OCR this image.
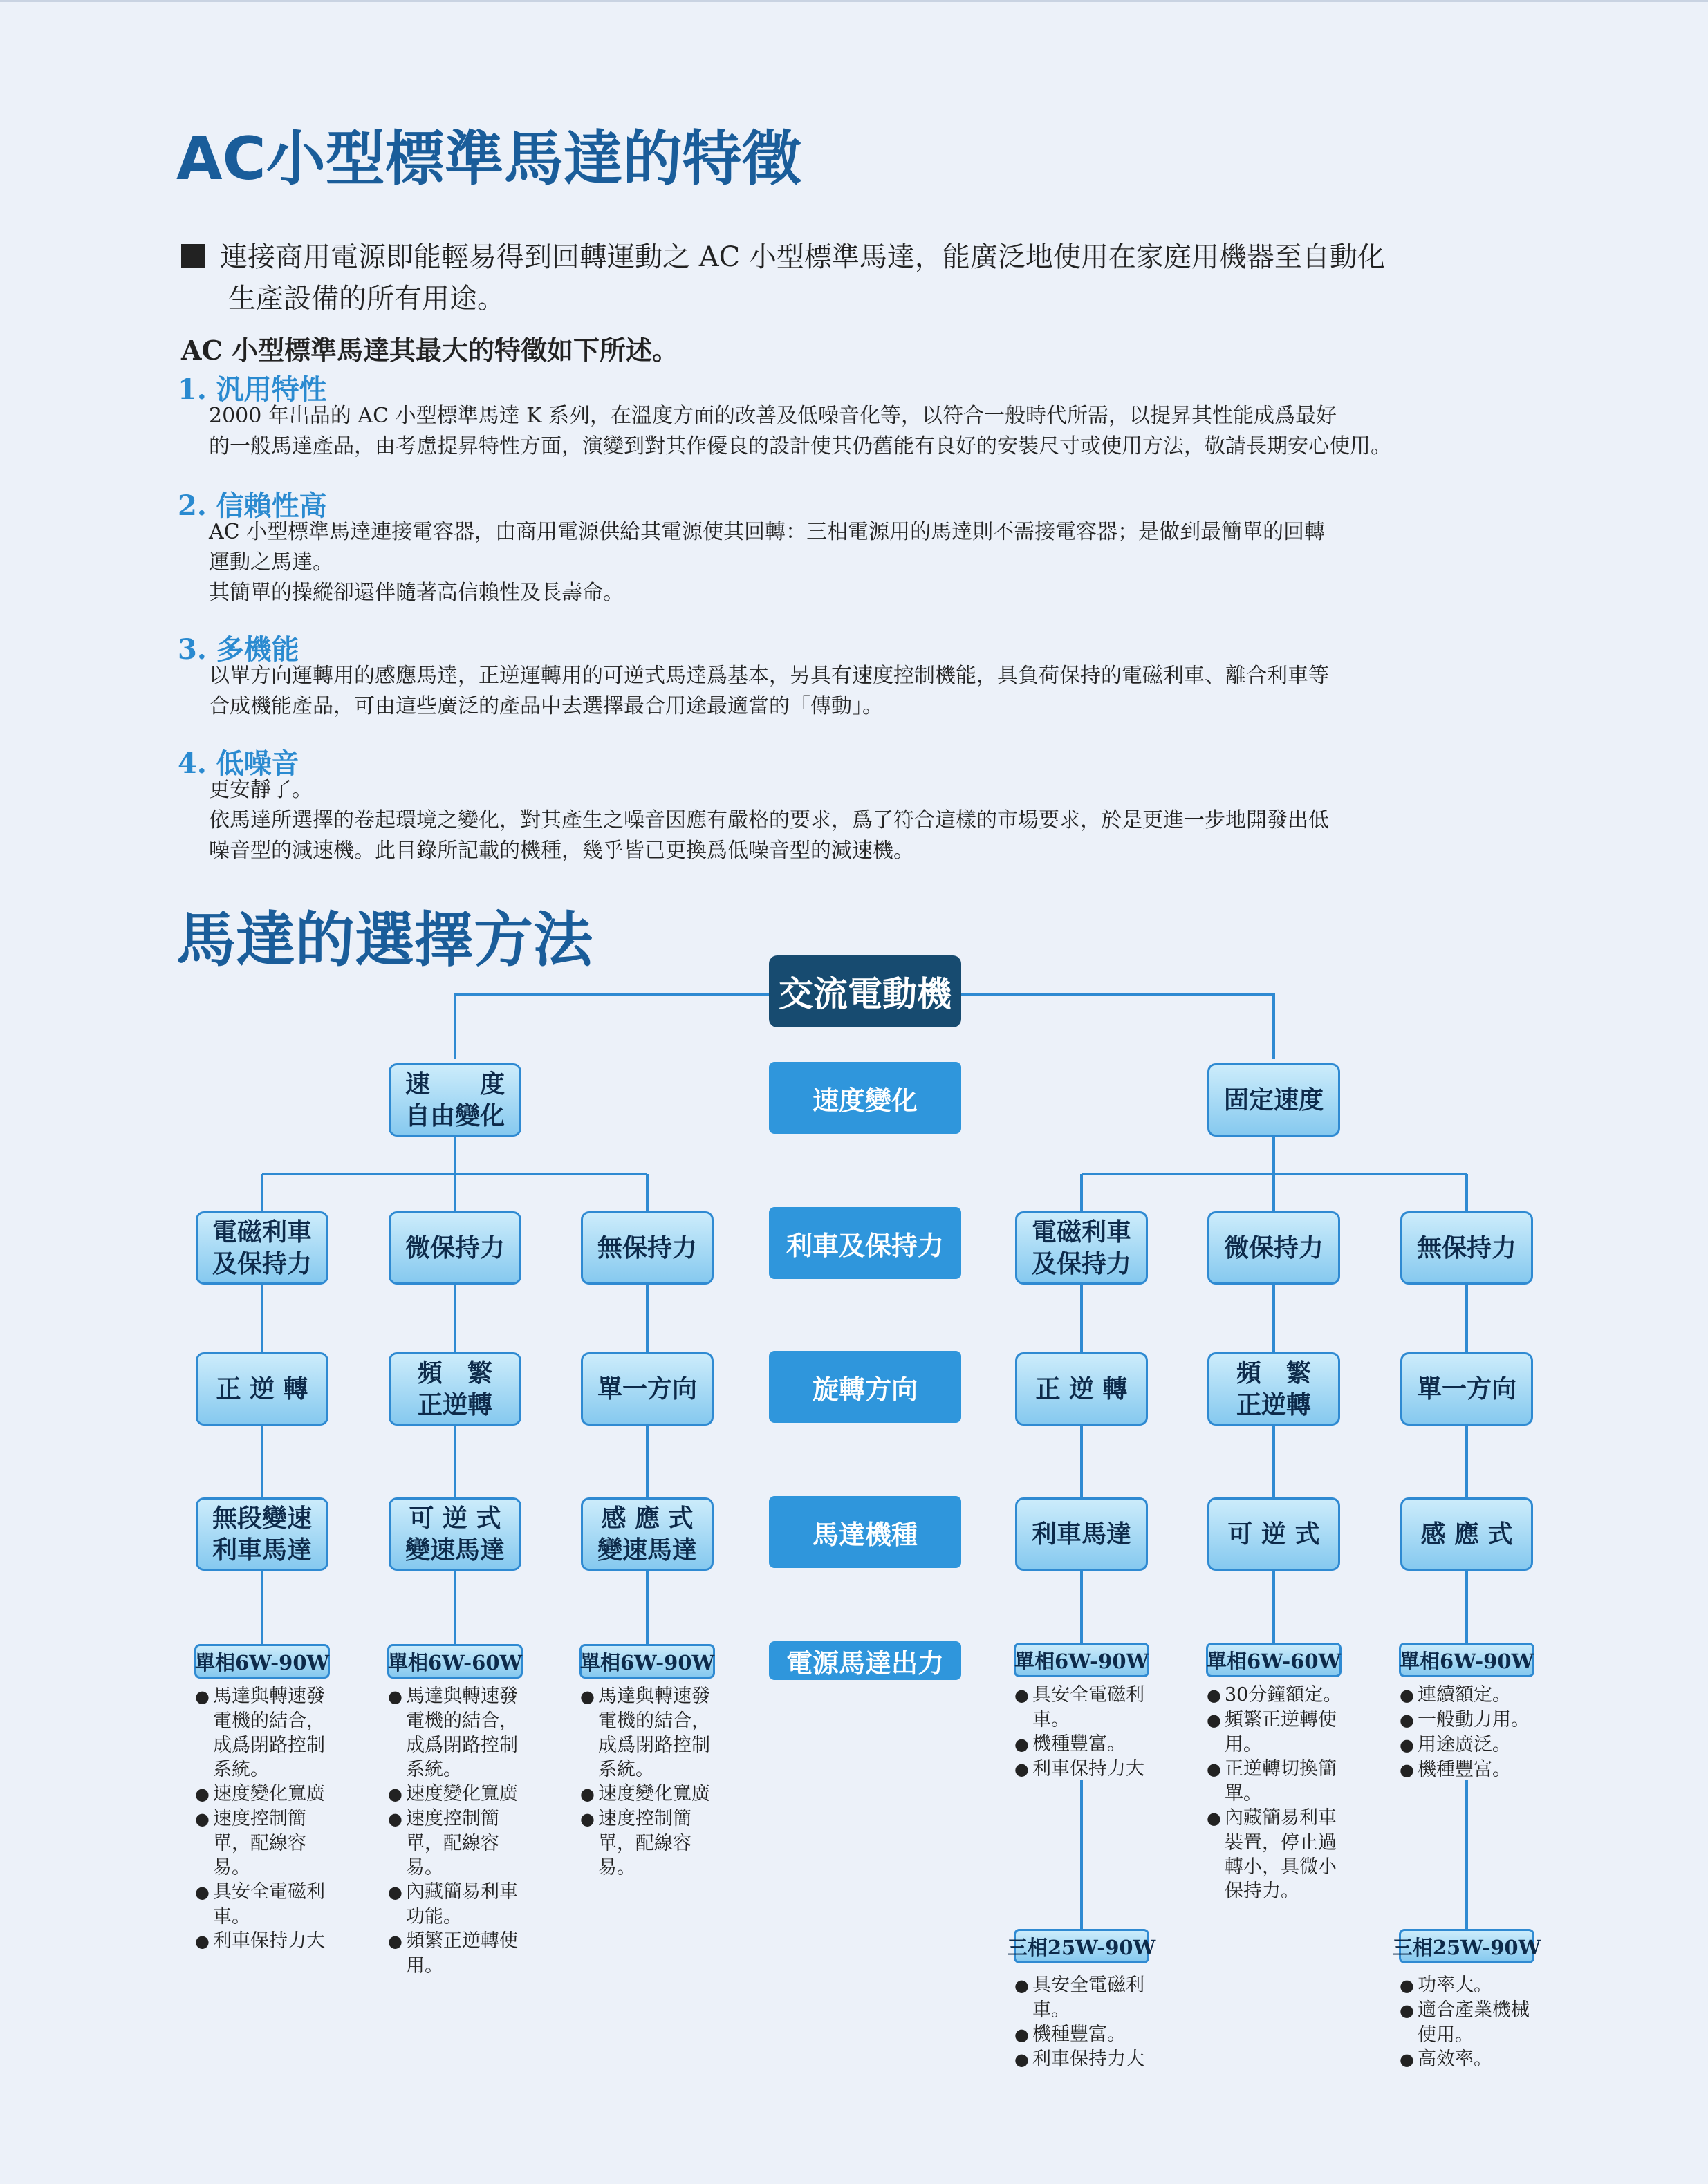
AC小型標準馬達的特徵
連接商用電源即能輕易得到回轉運動之 AC 小型標準馬達，能廣泛地使用在家庭用機器至自動化
生產設備的所有用途。
AC 小型標準馬達其最大的特徵如下所述。
1. 汎用特性

2000 年出品的 AC 小型標準馬達 K 系列，在溫度方面的改善及低噪音化等，以符合一般時代所需，以提昇其性能成爲最好

的一般馬達產品，由考慮提昇特性方面，演變到對其作優良的設計使其仍舊能有良好的安裝尺寸或使用方法，敬請長期安心使用。

2. 信賴性高

AC 小型標準馬達連接電容器，由商用電源供給其電源使其回轉：三相電源用的馬達則不需接電容器；是做到最簡單的回轉

運動之馬達。

其簡單的操縱卻還伴隨著高信賴性及長壽命。

3. 多機能

以單方向運轉用的感應馬達，正逆運轉用的可逆式馬達爲基本，另具有速度控制機能，具負荷保持的電磁利車、離合利車等

合成機能產品，可由這些廣泛的產品中去選擇最合用途最適當的「傳動」。

4. 低噪音

更安靜了。

依馬達所選擇的卷起環境之變化，對其產生之噪音因應有嚴格的要求，爲了符合這樣的市場要求，於是更進一步地開發出低

噪音型的減速機。此目錄所記載的機種，幾乎皆已更換爲低噪音型的減速機。

馬達的選擇方法
交流電動機
速度變化
利車及保持力
旋轉方向
馬達機種
電源馬達出力
速　　度
自由變化
固定速度
電磁利車
及保持力
正 逆 轉
無段變速
利車馬達
單相6W-90W
● 馬達與轉速發電機的結合，成爲閉路控制系統。
● 速度變化寬廣
● 速度控制簡單，配線容易。
● 具安全電磁利車。
● 利車保持力大
微保持力
頻　繁
正逆轉
可 逆 式
變速馬達
單相6W-60W
● 馬達與轉速發電機的結合，成爲閉路控制系統。
● 速度變化寬廣
● 速度控制簡單，配線容易。
● 內藏簡易利車功能。
● 頻繁正逆轉使用。
無保持力
單一方向
感 應 式
變速馬達
單相6W-90W
● 馬達與轉速發電機的結合，成爲閉路控制系統。
● 速度變化寬廣
● 速度控制簡單，配線容易。
電磁利車
及保持力
正 逆 轉
利車馬達
單相6W-90W
● 具安全電磁利車。
● 機種豐富。
● 利車保持力大
三相25W-90W
● 具安全電磁利車。
● 機種豐富。
● 利車保持力大
微保持力
頻　繁
正逆轉
可 逆 式
單相6W-60W
● 30分鐘額定。
● 頻繁正逆轉使用。
● 正逆轉切換簡單。
● 內藏簡易利車裝置，停止過轉小，具微小保持力。
無保持力
單一方向
感 應 式
單相6W-90W
● 連續額定。
● 一般動力用。
● 用途廣泛。
● 機種豐富。
三相25W-90W
● 功率大。
● 適合產業機械使用。
● 高效率。
